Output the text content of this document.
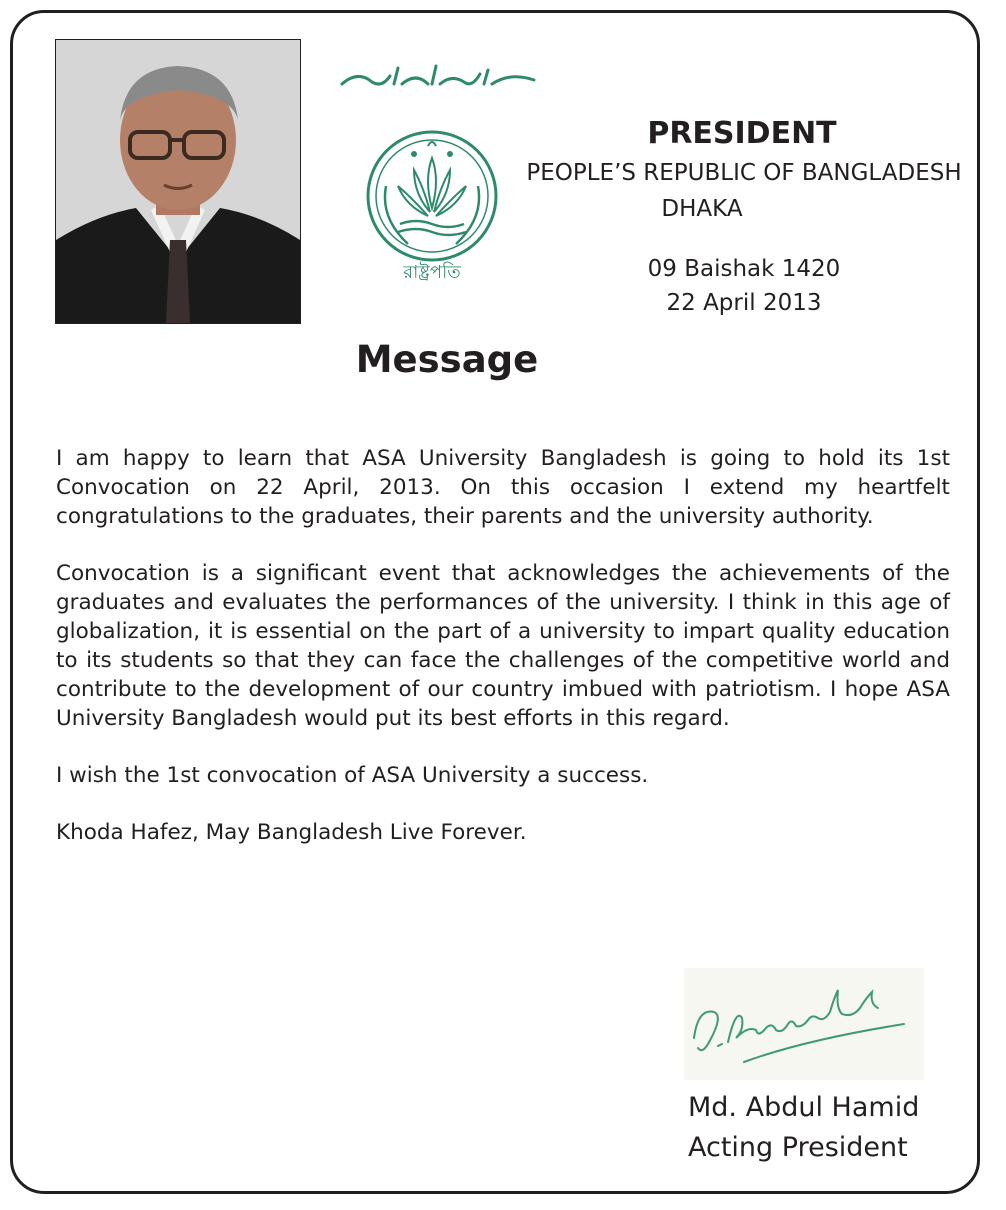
بسم الله الرحمن الرحيم
রাষ্ট্রপতি
PRESIDENT
PEOPLE’S REPUBLIC OF BANGLADESH
DHAKA
09 Baishak 1420
22 April 2013
Message

I am happy to learn that ASA University Bangladesh is going to hold its 1st Convocation on 22 April, 2013. On this occasion I extend my heartfelt congratulations to the graduates, their parents and the university authority.

Convocation is a significant event that acknowledges the achievements of the graduates and evaluates the performances of the university. I think in this age of globalization, it is essential on the part of a university to impart quality education to its students so that they can face the challenges of the competitive world and contribute to the development of our country imbued with patriotism. I hope ASA University Bangladesh would put its best efforts in this regard.

I wish the 1st convocation of ASA University a success.

Khoda Hafez, May Bangladesh Live Forever.

Md. Abdul Hamid
Acting President
